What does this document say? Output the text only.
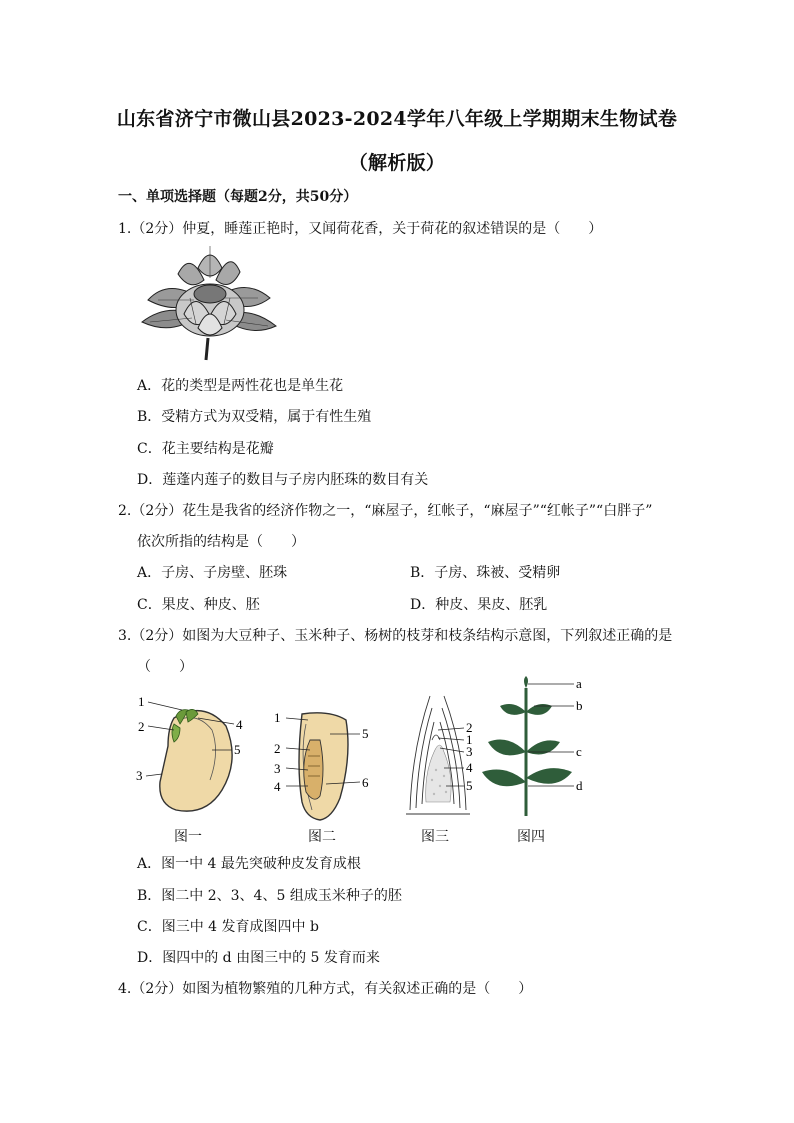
山东省济宁市微山县2023-2024学年八年级上学期期末生物试卷
（解析版）
一、单项选择题（每题2分，共50分）
1.（2分）仲夏，睡莲正艳时，又闻荷花香，关于荷花的叙述错误的是（　　）
A．花的类型是两性花也是单生花
B．受精方式为双受精，属于有性生殖
C．花主要结构是花瓣
D．莲蓬内莲子的数目与子房内胚珠的数目有关
2.（2分）花生是我省的经济作物之一，“麻屋子，红帐子，“麻屋子”“红帐子”“白胖子”
依次所指的结构是（　　）
A．子房、子房壁、胚珠	B．子房、珠被、受精卵
C．果皮、种皮、胚	D．种皮、果皮、胚乳
3.（2分）如图为大豆种子、玉米种子、杨树的枝芽和枝条结构示意图，下列叙述正确的是
（　　）
1
2
3
4
5
图一
1
2
3
4
5
6
图二
2
1
3
4
5
图三
a
b
c
d
图四
A．图一中 4 最先突破种皮发育成根
B．图二中 2、3、4、5 组成玉米种子的胚
C．图三中 4 发育成图四中 b
D．图四中的 d 由图三中的 5 发育而来
4.（2分）如图为植物繁殖的几种方式，有关叙述正确的是（　　）
